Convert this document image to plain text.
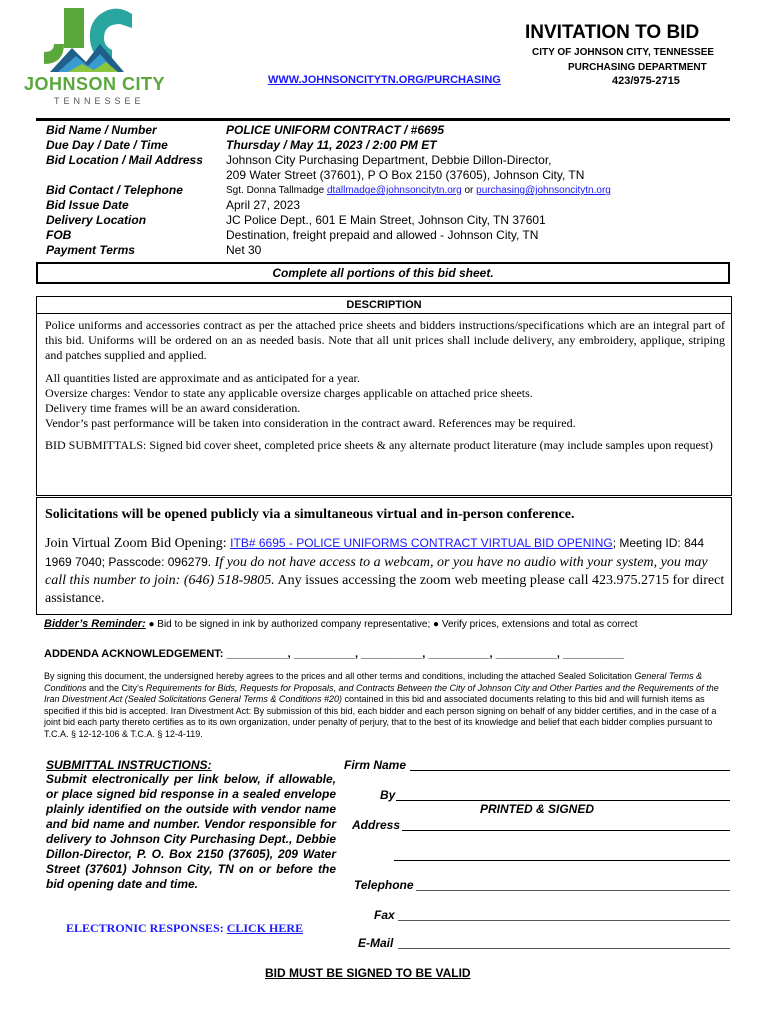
JOHNSON CITY
TENNESSEE
INVITATION TO BID
CITY OF JOHNSON CITY, TENNESSEE
PURCHASING DEPARTMENT
423/975-2715
WWW.JOHNSONCITYTN.ORG/PURCHASING
Bid Name / Number
Due Day / Date / Time
Bid Location / Mail Address
Bid Contact / Telephone
Bid Issue Date
Delivery Location
FOB
Payment Terms
POLICE UNIFORM CONTRACT / #6695
Thursday / May 11, 2023 / 2:00 PM ET
Johnson City Purchasing Department, Debbie Dillon-Director,
209 Water Street (37601), P O Box 2150 (37605), Johnson City, TN
Sgt. Donna Tallmadge dtallmadge@johnsoncitytn.org or purchasing@johnsoncitytn.org
April 27, 2023
JC Police Dept., 601 E Main Street, Johnson City, TN 37601
Destination, freight prepaid and allowed - Johnson City, TN
Net 30
Complete all portions of this bid sheet.
DESCRIPTION
Police uniforms and accessories contract as per the attached price sheets and bidders instructions/specifications which are an integral part of this bid. Uniforms will be ordered on an as needed basis. Note that all unit prices shall include delivery, any embroidery, applique, striping and patches supplied and applied.
All quantities listed are approximate and as anticipated for a year.
Oversize charges: Vendor to state any applicable oversize charges applicable on attached price sheets.
Delivery time frames will be an award consideration.
Vendor’s past performance will be taken into consideration in the contract award. References may be required.
BID SUBMITTALS: Signed bid cover sheet, completed price sheets & any alternate product literature (may include samples upon request)
Solicitations will be opened publicly via a simultaneous virtual and in-person conference.
Join Virtual Zoom Bid Opening: ITB# 6695 - POLICE UNIFORMS CONTRACT VIRTUAL BID OPENING; Meeting ID: 844 1969 7040; Passcode: 096279. If you do not have access to a webcam, or you have no audio with your system, you may call this number to join: (646) 518-9805. Any issues accessing the zoom web meeting please call 423.975.2715 for direct assistance.
Bidder’s Reminder: ● Bid to be signed in ink by authorized company representative; ● Verify prices, extensions and total as correct
ADDENDA ACKNOWLEDGEMENT: __________, __________, __________, __________, __________, __________
By signing this document, the undersigned hereby agrees to the prices and all other terms and conditions, including the attached Sealed Solicitation General Terms & Conditions and the City’s Requirements for Bids, Requests for Proposals, and Contracts Between the City of Johnson City and Other Parties and the Requirements of the Iran Divestment Act (Sealed Solicitations General Terms & Conditions #20) contained in this bid and associated documents relating to this bid and will furnish items as specified if this bid is accepted. Iran Divestment Act: By submission of this bid, each bidder and each person signing on behalf of any bidder certifies, and in the case of a joint bid each party thereto certifies as to its own organization, under penalty of perjury, that to the best of its knowledge and belief that each bidder complies pursuant to T.C.A. § 12-12-106 & T.C.A. § 12-4-119.
SUBMITTAL INSTRUCTIONS:
Submit electronically per link below, if allowable, or place signed bid response in a sealed envelope plainly identified on the outside with vendor name and bid name and number. Vendor responsible for delivery to Johnson City Purchasing Dept., Debbie Dillon-Director, P. O. Box 2150 (37605), 209 Water Street (37601) Johnson City, TN on or before the bid opening date and time.
ELECTRONIC RESPONSES: CLICK HERE
Firm Name
By
PRINTED & SIGNED
Address
Telephone
Fax
E-Mail
BID MUST BE SIGNED TO BE VALID
